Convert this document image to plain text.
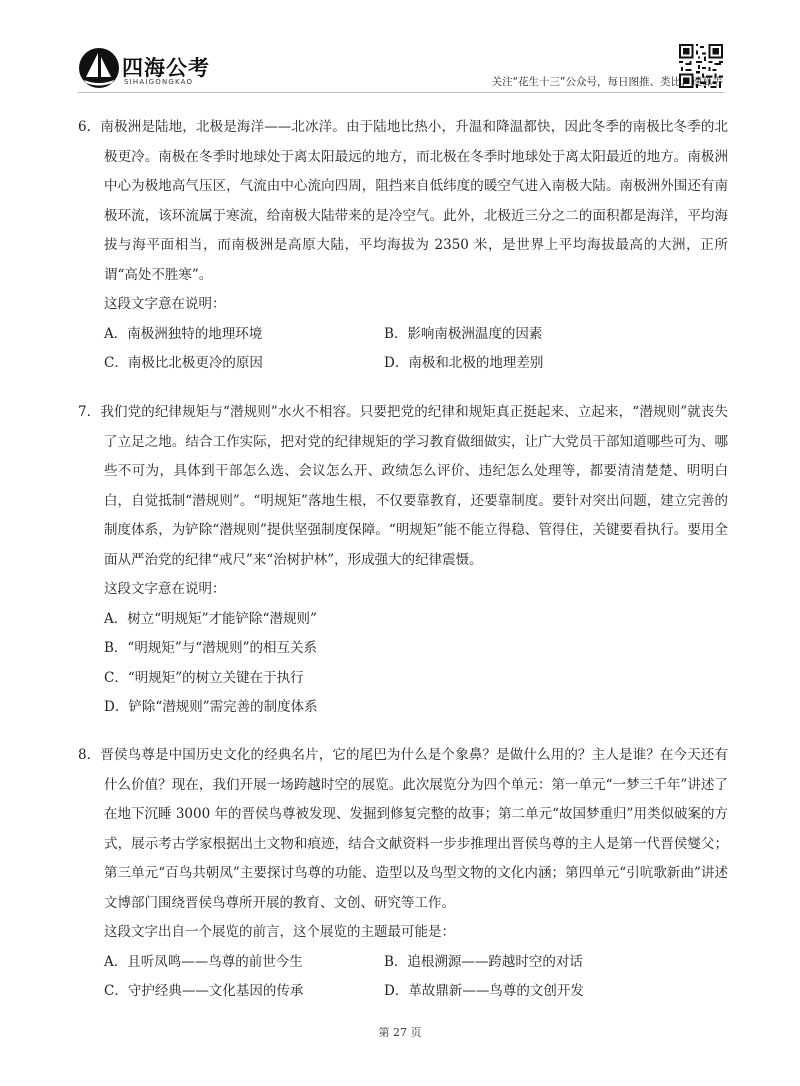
四海公考
SIHAIGONGKAO	关注“花生十三”公众号，每日图推、类比、速算等

6．南极洲是陆地，北极是海洋——北冰洋。由于陆地比热小，升温和降温都快，因此冬季的南极比冬季的北极更冷。南极在冬季时地球处于离太阳最远的地方，而北极在冬季时地球处于离太阳最近的地方。南极洲中心为极地高气压区，气流由中心流向四周，阻挡来自低纬度的暖空气进入南极大陆。南极洲外围还有南极环流，该环流属于寒流，给南极大陆带来的是冷空气。此外，北极近三分之二的面积都是海洋，平均海拔与海平面相当，而南极洲是高原大陆，平均海拔为 2350 米，是世界上平均海拔最高的大洲，正所谓“高处不胜寒”。

这段文字意在说明：

A．南极洲独特的地理环境	B．影响南极洲温度的因素
C．南极比北极更冷的原因	D．南极和北极的地理差别

7．我们党的纪律规矩与“潜规则”水火不相容。只要把党的纪律和规矩真正挺起来、立起来，“潜规则”就丧失了立足之地。结合工作实际，把对党的纪律规矩的学习教育做细做实，让广大党员干部知道哪些可为、哪些不可为，具体到干部怎么选、会议怎么开、政绩怎么评价、违纪怎么处理等，都要清清楚楚、明明白白，自觉抵制“潜规则”。“明规矩”落地生根，不仅要靠教育，还要靠制度。要针对突出问题，建立完善的制度体系，为铲除“潜规则”提供坚强制度保障。“明规矩”能不能立得稳、管得住，关键要看执行。要用全面从严治党的纪律“戒尺”来“治树护林”，形成强大的纪律震慑。

这段文字意在说明：

A．树立“明规矩”才能铲除“潜规则”
B．“明规矩”与“潜规则”的相互关系
C．“明规矩”的树立关键在于执行
D．铲除“潜规则”需完善的制度体系

8．晋侯鸟尊是中国历史文化的经典名片，它的尾巴为什么是个象鼻？是做什么用的？主人是谁？在今天还有什么价值？现在，我们开展一场跨越时空的展览。此次展览分为四个单元：第一单元“一梦三千年”讲述了在地下沉睡 3000 年的晋侯鸟尊被发现、发掘到修复完整的故事；第二单元“故国梦重归”用类似破案的方式，展示考古学家根据出土文物和痕迹，结合文献资料一步步推理出晋侯鸟尊的主人是第一代晋侯燮父；第三单元“百鸟共朝凤”主要探讨鸟尊的功能、造型以及鸟型文物的文化内涵；第四单元“引吭歌新曲”讲述文博部门围绕晋侯鸟尊所开展的教育、文创、研究等工作。

这段文字出自一个展览的前言，这个展览的主题最可能是：

A．且听凤鸣——鸟尊的前世今生	B．追根溯源——跨越时空的对话
C．守护经典——文化基因的传承	D．革故鼎新——鸟尊的文创开发
第 27 页
